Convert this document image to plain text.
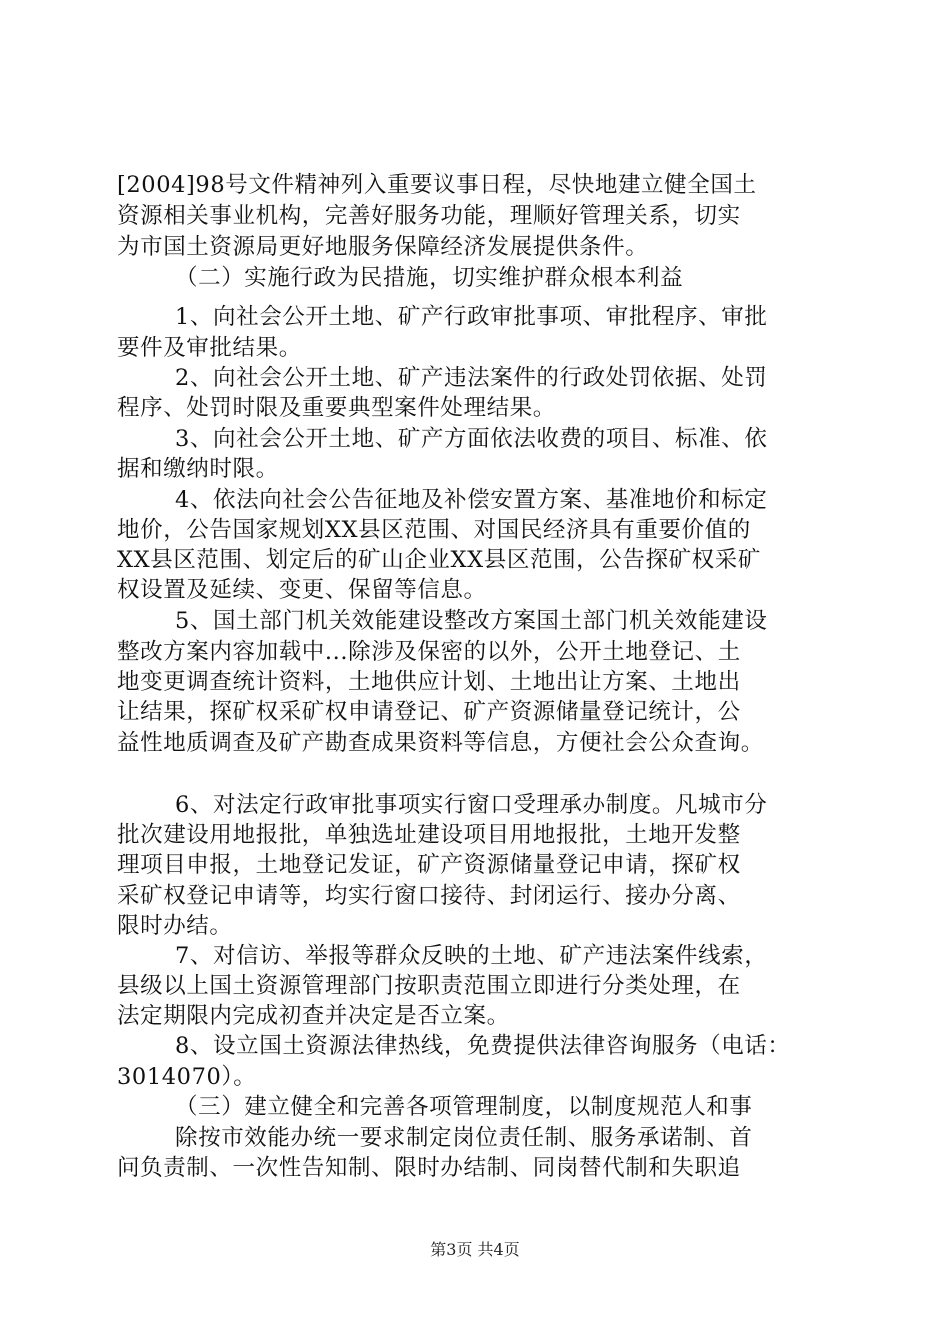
[2004]98号文件精神列入重要议事日程，尽快地建立健全国土
资源相关事业机构，完善好服务功能，理顺好管理关系，切实
为市国土资源局更好地服务保障经济发展提供条件。
（二）实施行政为民措施，切实维护群众根本利益
1、向社会公开土地、矿产行政审批事项、审批程序、审批
要件及审批结果。
2、向社会公开土地、矿产违法案件的行政处罚依据、处罚
程序、处罚时限及重要典型案件处理结果。
3、向社会公开土地、矿产方面依法收费的项目、标准、依
据和缴纳时限。
4、依法向社会公告征地及补偿安置方案、基准地价和标定
地价，公告国家规划XX县区范围、对国民经济具有重要价值的
XX县区范围、划定后的矿山企业XX县区范围，公告探矿权采矿
权设置及延续、变更、保留等信息。
5、国土部门机关效能建设整改方案国土部门机关效能建设
整改方案内容加载中...除涉及保密的以外，公开土地登记、土
地变更调查统计资料，土地供应计划、土地出让方案、土地出
让结果，探矿权采矿权申请登记、矿产资源储量登记统计，公
益性地质调查及矿产勘查成果资料等信息，方便社会公众查询。
6、对法定行政审批事项实行窗口受理承办制度。凡城市分
批次建设用地报批，单独选址建设项目用地报批，土地开发整
理项目申报，土地登记发证，矿产资源储量登记申请，探矿权
采矿权登记申请等，均实行窗口接待、封闭运行、接办分离、
限时办结。
7、对信访、举报等群众反映的土地、矿产违法案件线索，
县级以上国土资源管理部门按职责范围立即进行分类处理，在
法定期限内完成初查并决定是否立案。
8、设立国土资源法律热线，免费提供法律咨询服务（电话：
3014070）。
（三）建立健全和完善各项管理制度，以制度规范人和事
除按市效能办统一要求制定岗位责任制、服务承诺制、首
问负责制、一次性告知制、限时办结制、同岗替代制和失职追
第3页 共4页
